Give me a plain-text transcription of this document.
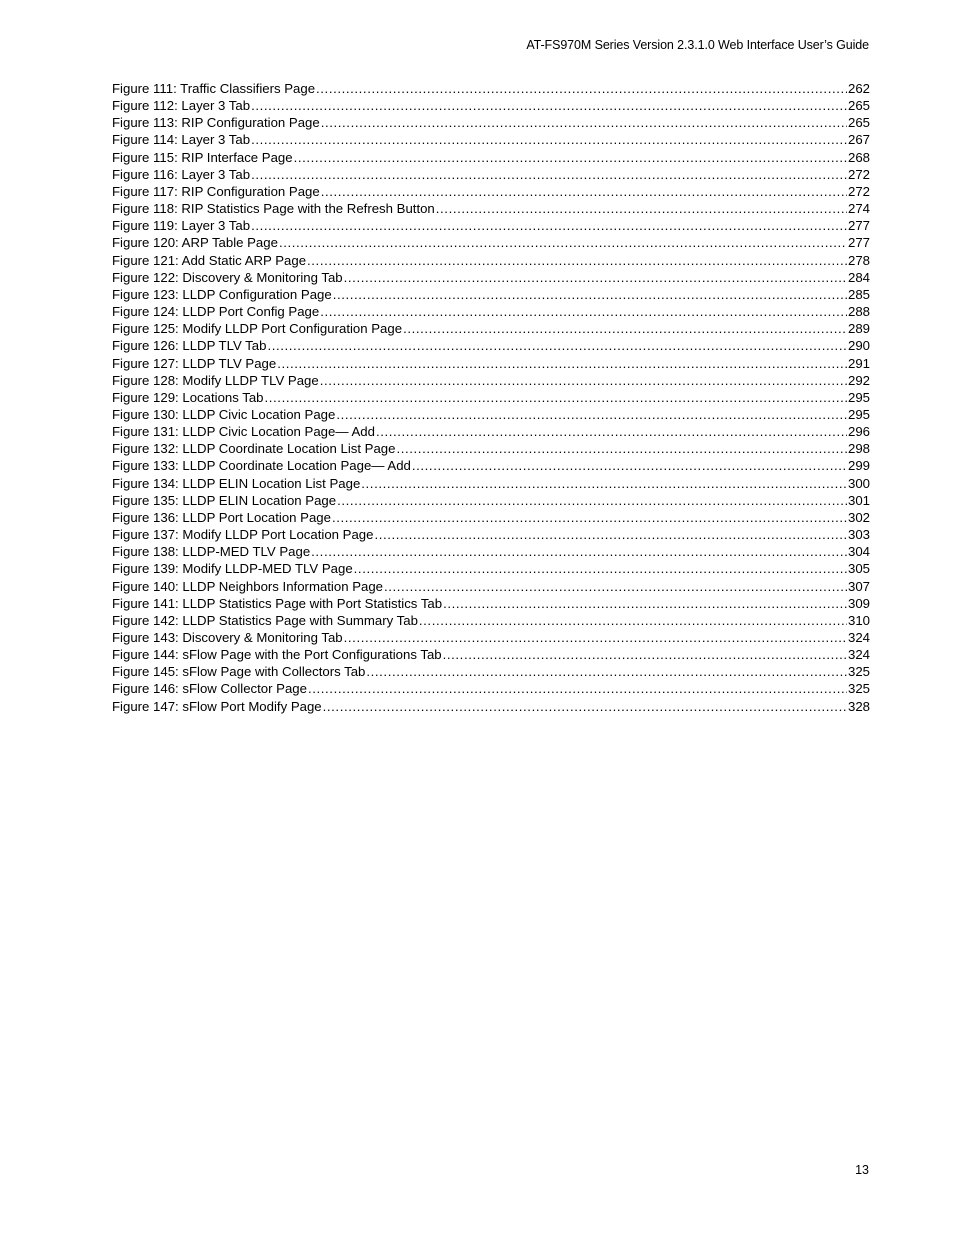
AT-FS970M Series Version 2.3.1.0 Web Interface User’s Guide
Figure 111: Traffic Classifiers Page .....	262
Figure 112: Layer 3 Tab .....	265
Figure 113: RIP Configuration Page .....	265
Figure 114: Layer 3 Tab .....	267
Figure 115: RIP Interface Page .....	268
Figure 116: Layer 3 Tab .....	272
Figure 117: RIP Configuration Page .....	272
Figure 118: RIP Statistics Page with the Refresh Button .....	274
Figure 119: Layer 3 Tab .....	277
Figure 120: ARP Table Page .....	277
Figure 121: Add Static ARP Page .....	278
Figure 122: Discovery & Monitoring Tab .....	284
Figure 123: LLDP Configuration Page .....	285
Figure 124: LLDP Port Config Page .....	288
Figure 125: Modify LLDP Port Configuration Page .....	289
Figure 126: LLDP TLV Tab .....	290
Figure 127: LLDP TLV Page .....	291
Figure 128: Modify LLDP TLV Page .....	292
Figure 129: Locations Tab .....	295
Figure 130: LLDP Civic Location Page .....	295
Figure 131: LLDP Civic Location Page— Add .....	296
Figure 132: LLDP Coordinate Location List Page .....	298
Figure 133: LLDP Coordinate Location Page— Add .....	299
Figure 134: LLDP ELIN Location List Page .....	300
Figure 135: LLDP ELIN Location Page .....	301
Figure 136: LLDP Port Location Page .....	302
Figure 137: Modify LLDP Port Location Page .....	303
Figure 138: LLDP-MED TLV Page .....	304
Figure 139: Modify LLDP-MED TLV Page .....	305
Figure 140: LLDP Neighbors Information Page .....	307
Figure 141: LLDP Statistics Page with Port Statistics Tab .....	309
Figure 142: LLDP Statistics Page with Summary Tab .....	310
Figure 143: Discovery & Monitoring Tab .....	324
Figure 144: sFlow Page with the Port Configurations Tab .....	324
Figure 145: sFlow Page with Collectors Tab .....	325
Figure 146: sFlow Collector Page .....	325
Figure 147: sFlow Port Modify Page .....	328
13
